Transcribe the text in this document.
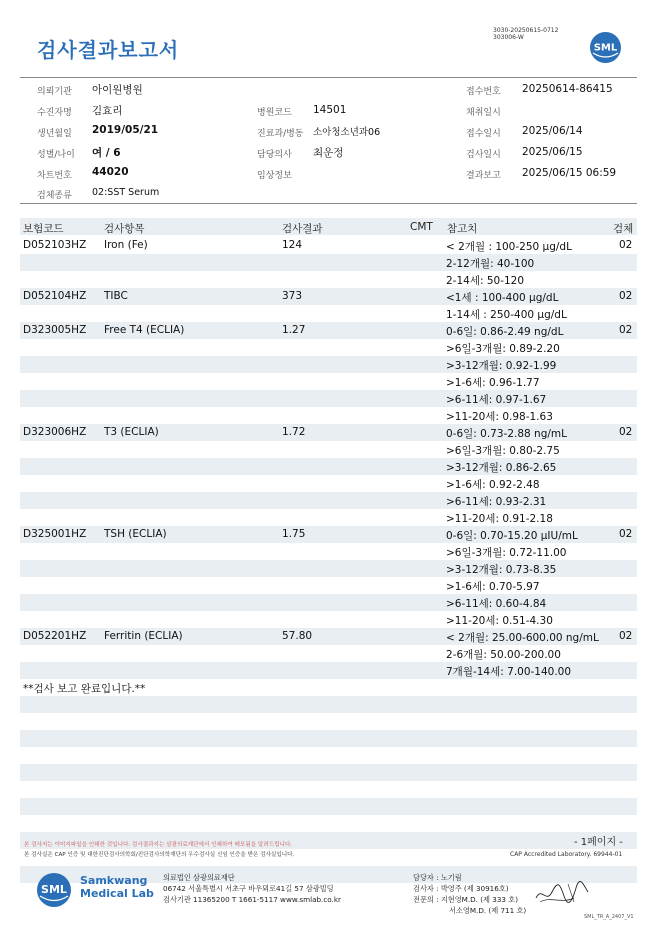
검사결과보고서
3030-20250615-0712
303006-W
SML
의뢰기관 아이원병원	접수번호 20250614-86415
수진자명 김효리	병원코드 14501	채취일시
생년월일 2019/05/21	진료과/병동 소아청소년과06	접수일시 2025/06/14
성별/나이 여 / 6	담당의사 최운정	검사일시 2025/06/15
차트번호 44020	임상정보	결과보고 2025/06/15 06:59
검체종류 02:SST Serum
보험코드	검사항목	검사결과	CMT 참고치	검체
D052103HZ Iron (Fe)	124	< 2개월 : 100-250 μg/dL	02
2-12개월: 40-100
2-14세: 50-120
D052104HZ TIBC	373	<1세 : 100-400 μg/dL	02
1-14세 : 250-400 μg/dL
D323005HZ Free T4 (ECLIA)	1.27	0-6일: 0.86-2.49 ng/dL	02
>6일-3개월: 0.89-2.20
>3-12개월: 0.92-1.99
>1-6세: 0.96-1.77
>6-11세: 0.97-1.67
>11-20세: 0.98-1.63
D323006HZ T3 (ECLIA)	1.72	0-6일: 0.73-2.88 ng/mL	02
>6일-3개월: 0.80-2.75
>3-12개월: 0.86-2.65
>1-6세: 0.92-2.48
>6-11세: 0.93-2.31
>11-20세: 0.91-2.18
D325001HZ TSH (ECLIA)	1.75	0-6일: 0.70-15.20 μIU/mL	02
>6일-3개월: 0.72-11.00
>3-12개월: 0.73-8.35
>1-6세: 0.70-5.97
>6-11세: 0.60-4.84
>11-20세: 0.51-4.30
D052201HZ Ferritin (ECLIA)	57.80	< 2개월: 25.00-600.00 ng/mL 02
2-6개월: 50.00-200.00
7개월-14세: 7.00-140.00
**검사 보고 완료입니다.**
본 검사지는 이미지파일을 인쇄한 것입니다. 검사결과지는 삼광의료재단에서 인쇄하여 배포됨을 알려드립니다.
본 검사실은 CAP 인증 및 대한진단검사의학회/진단검사의학재단의 우수검사실 신임 인증을 받은 검사실입니다.
- 1페이지 -
CAP Accredited Laboratory. 69944-01
SML
Samkwang
Medical Lab
의료법인 삼광의료재단
06742 서울특별시 서초구 바우뫼로41길 57 삼광빌딩
검사기관 11365200 T 1661-5117 www.smlab.co.kr
담당자 : 노기림
검사자 : 박영주 (제 30916호)
전문의 : 지현영M.D. (제 333 호)
서소영M.D. (제 711 호)
SML_TR_A_2407_V1
